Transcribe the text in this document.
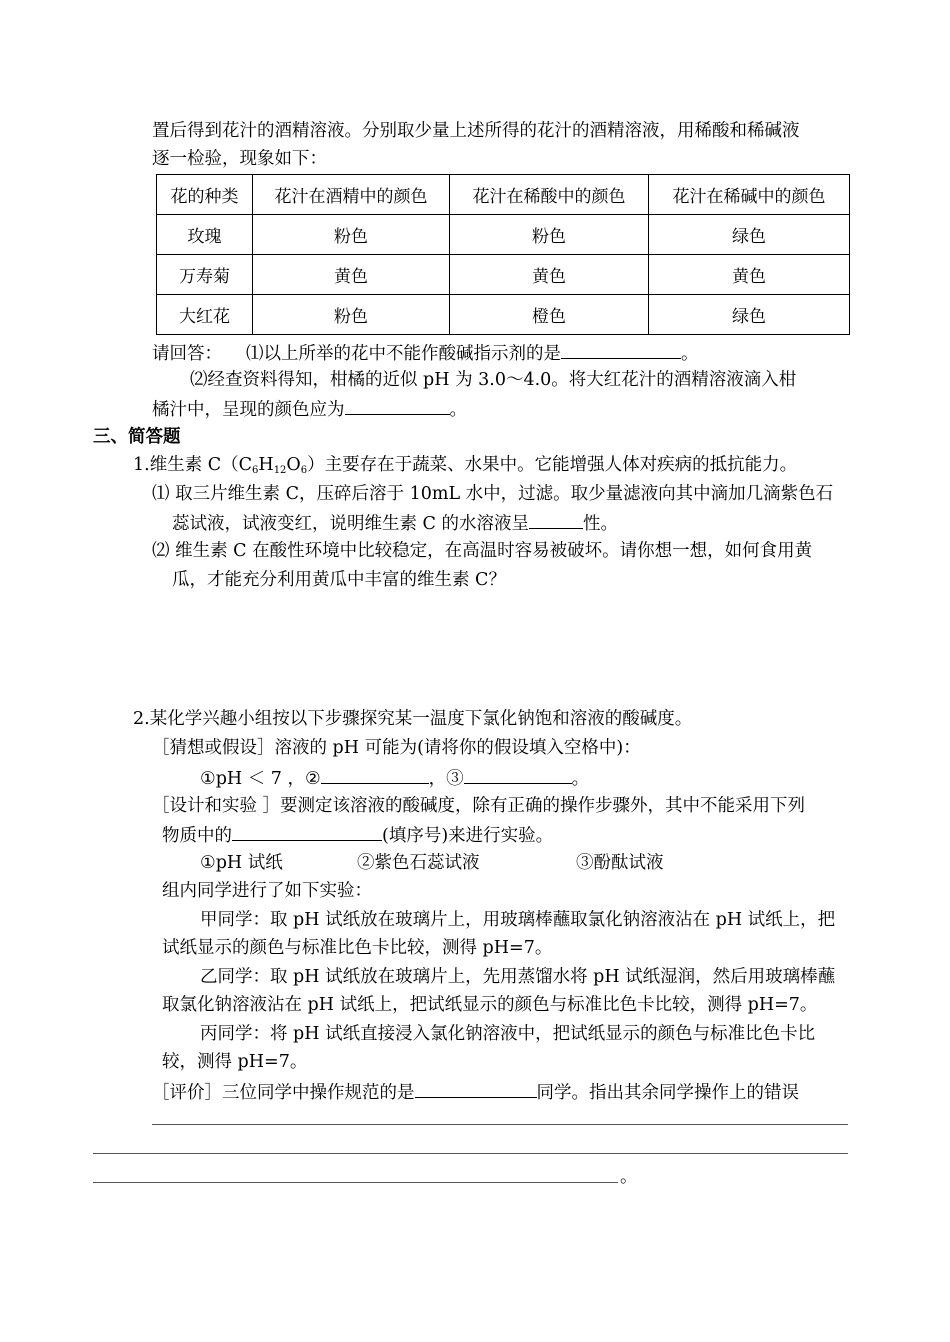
置后得到花汁的酒精溶液。分别取少量上述所得的花汁的酒精溶液，用稀酸和稀碱液
逐一检验，现象如下：
花的种类	花汁在酒精中的颜色	花汁在稀酸中的颜色	花汁在稀碱中的颜色
玫瑰	粉色	粉色	绿色
万寿菊	黄色	黄色	黄色
大红花	粉色	橙色	绿色
请回答： ⑴以上所举的花中不能作酸碱指示剂的是	。
⑵经查资料得知，柑橘的近似 pH 为 3.0～4.0。将大红花汁的酒精溶液滴入柑
橘汁中，呈现的颜色应为	。
三、简答题
1.维生素 $C(C_6H_{12}O_6)$主要存在于蔬菜、水果中。它能增强人体对疾病的抵抗能力。
⑴ 取三片维生素 C，压碎后溶于 10mL 水中，过滤。取少量滤液向其中滴加几滴紫色石
蕊试液，试液变红，说明维生素 C 的水溶液呈	性。
⑵ 维生素 C 在酸性环境中比较稳定，在高温时容易被破坏。请你想一想，如何食用黄
瓜，才能充分利用黄瓜中丰富的维生素 C？
2.某化学兴趣小组按以下步骤探究某一温度下氯化钠饱和溶液的酸碱度。
［猜想或假设］溶液的 pH 可能为(请将你的假设填入空格中)：
①pH ＜ 7 ，②	，③	。
［设计和实验 ］要测定该溶液的酸碱度，除有正确的操作步骤外，其中不能采用下列
物质中的	(填序号)来进行实验。
①pH 试纸	②紫色石蕊试液	③酚酞试液
组内同学进行了如下实验：
甲同学：取 pH 试纸放在玻璃片上，用玻璃棒蘸取氯化钠溶液沾在 pH 试纸上，把
试纸显示的颜色与标准比色卡比较，测得 pH=7。
乙同学：取 pH 试纸放在玻璃片上，先用蒸馏水将 pH 试纸湿润，然后用玻璃棒蘸
取氯化钠溶液沾在 pH 试纸上，把试纸显示的颜色与标准比色卡比较，测得 pH=7。
丙同学：将 pH 试纸直接浸入氯化钠溶液中，把试纸显示的颜色与标准比色卡比
较，测得 pH=7。
［评价］三位同学中操作规范的是	同学。指出其余同学操作上的错误
。
